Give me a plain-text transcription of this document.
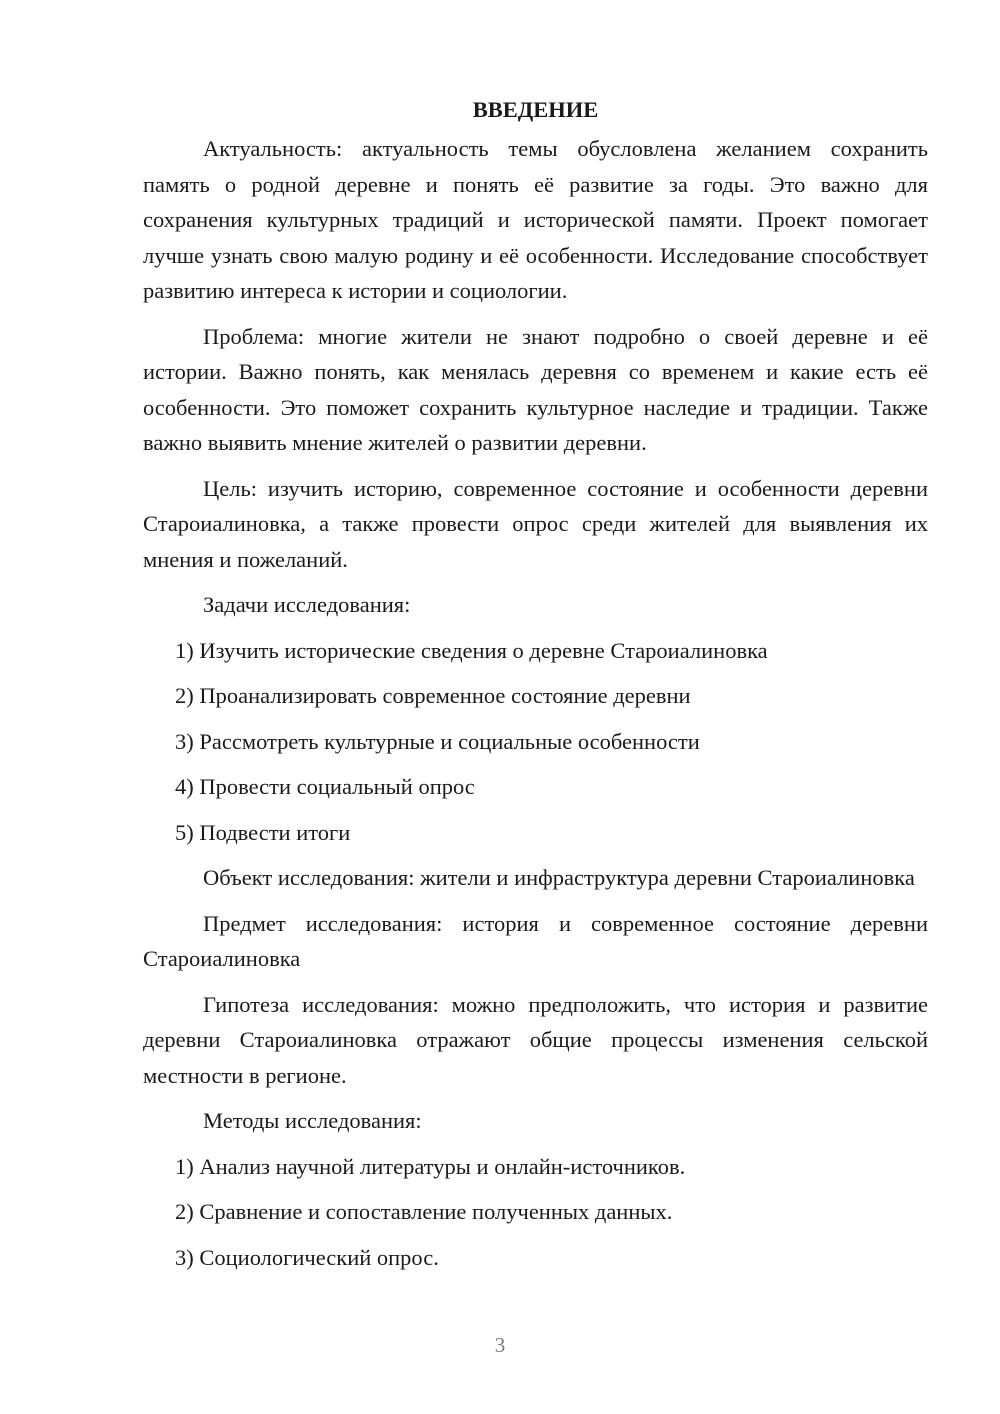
ВВЕДЕНИЕ

Актуальность: актуальность темы обусловлена желанием сохранить память о родной деревне и понять её развитие за годы. Это важно для сохранения культурных традиций и исторической памяти. Проект помогает лучше узнать свою малую родину и её особенности. Исследование способствует развитию интереса к истории и социологии.

Проблема: многие жители не знают подробно о своей деревне и её истории. Важно понять, как менялась деревня со временем и какие есть её особенности. Это поможет сохранить культурное наследие и традиции. Также важно выявить мнение жителей о развитии деревни.

Цель: изучить историю, современное состояние и особенности деревни Староиалиновка, а также провести опрос среди жителей для выявления их мнения и пожеланий.

Задачи исследования:

1) Изучить исторические сведения о деревне Староиалиновка
2) Проанализировать современное состояние деревни
3) Рассмотреть культурные и социальные особенности
4) Провести социальный опрос
5) Подвести итоги

Объект исследования: жители и инфраструктура деревни Староиалиновка

Предмет исследования: история и современное состояние деревни Староиалиновка

Гипотеза исследования: можно предположить, что история и развитие деревни Староиалиновка отражают общие процессы изменения сельской местности в регионе.

Методы исследования:

1) Анализ научной литературы и онлайн-источников.
2) Сравнение и сопоставление полученных данных.
3) Социологический опрос.
3
